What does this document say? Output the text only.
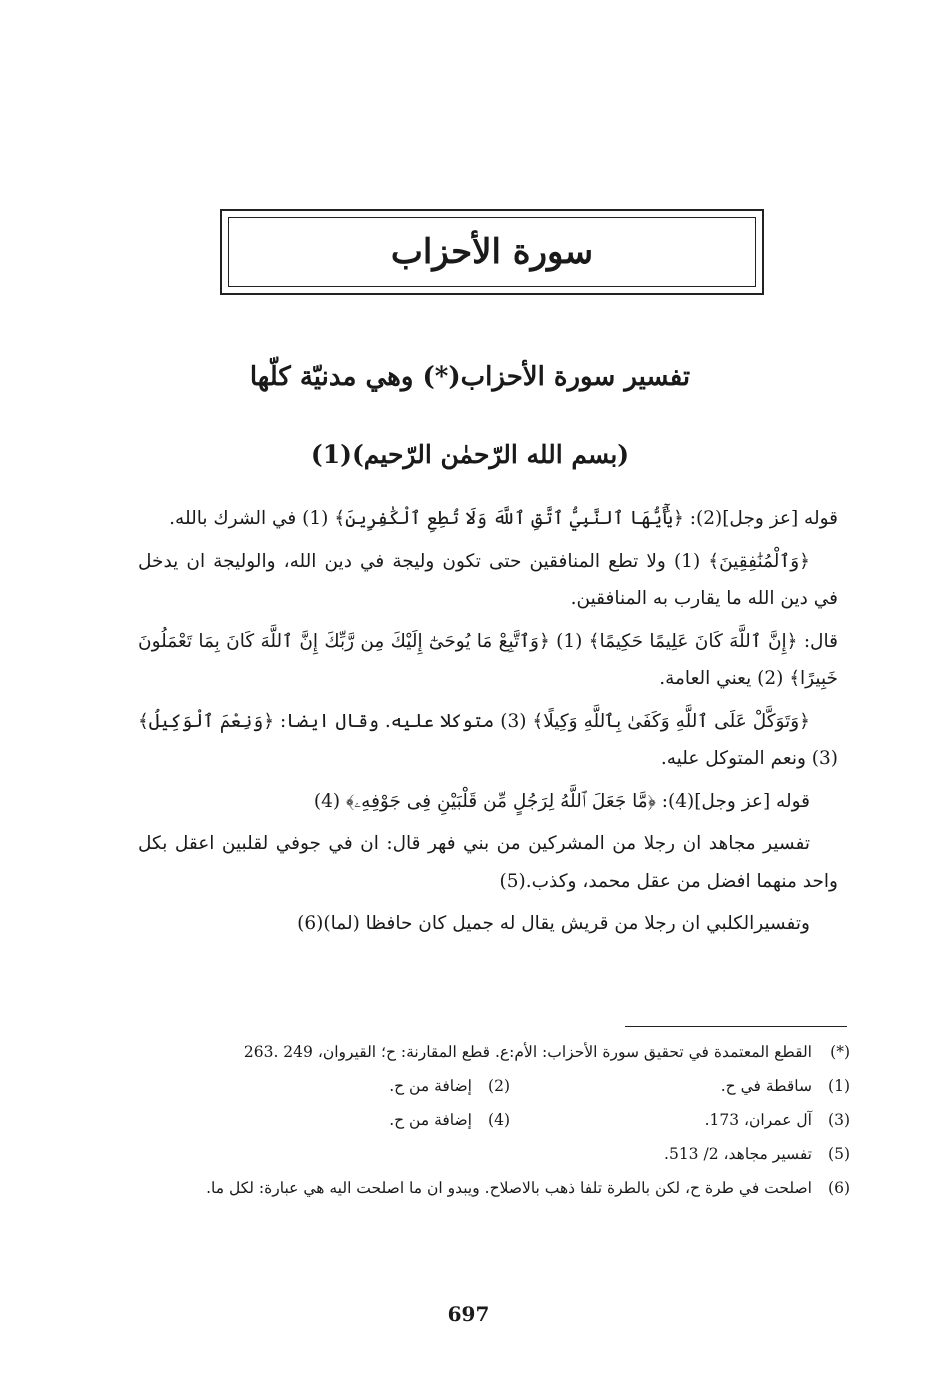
سورة الأحزاب
تفسير سورة الأحزاب(*) وهي مدنيّة كلّها
(بسم الله الرّحمٰن الرّحيم)(1)

قوله [عز وجل](2): ﴿يَٰٓأَيُّهَا ٱلنَّبِيُّ ٱتَّقِ ٱللَّهَ وَلَا تُطِعِ ٱلْكَٰفِرِينَ﴾ (1) في الشرك بالله.

﴿وَٱلْمُنَٰفِقِينَ﴾ (1) ولا تطع المنافقين حتى تكون وليجة في دين الله، والوليجة ان يدخل في دين الله ما يقارب به المنافقين.

قال: ﴿إِنَّ ٱللَّهَ كَانَ عَلِيمًا حَكِيمًا﴾ (1) ﴿وَٱتَّبِعْ مَا يُوحَىٰٓ إِلَيْكَ مِن رَّبِّكَ إِنَّ ٱللَّهَ كَانَ بِمَا تَعْمَلُونَ خَبِيرًا﴾ (2) يعني العامة.

﴿وَتَوَكَّلْ عَلَى ٱللَّهِ وَكَفَىٰ بِٱللَّهِ وَكِيلًا﴾ (3) متوكلا عليه. وقال ايضا: ﴿وَنِعْمَ ٱلْوَكِيلُ﴾(3) ونعم المتوكل عليه.

قوله [عز وجل](4): ﴿مَّا جَعَلَ ٱللَّهُ لِرَجُلٍ مِّن قَلْبَيْنِ فِى جَوْفِهِۦ﴾ (4)

تفسير مجاهد ان رجلا من المشركين من بني فهر قال: ان في جوفي لقلبين اعقل بكل واحد منهما افضل من عقل محمد، وكذب.(5)

وتفسيرالكلبي ان رجلا من قريش يقال له جميل كان حافظا (لما)(6)

(*)
القطع المعتمدة في تحقيق سورة الأحزاب: الأم:ع. قطع المقارنة: ح؛ القيروان، 249 .263
(1)
ساقطة في ح.
(2)
إضافة من ح.
(3)
آل عمران، 173.
(4)
إضافة من ح.
(5)
تفسير مجاهد، 2/ 513.
(6)
اصلحت في طرة ح، لكن بالطرة تلفا ذهب بالاصلاح. ويبدو ان ما اصلحت اليه هي عبارة: لكل ما.
697
